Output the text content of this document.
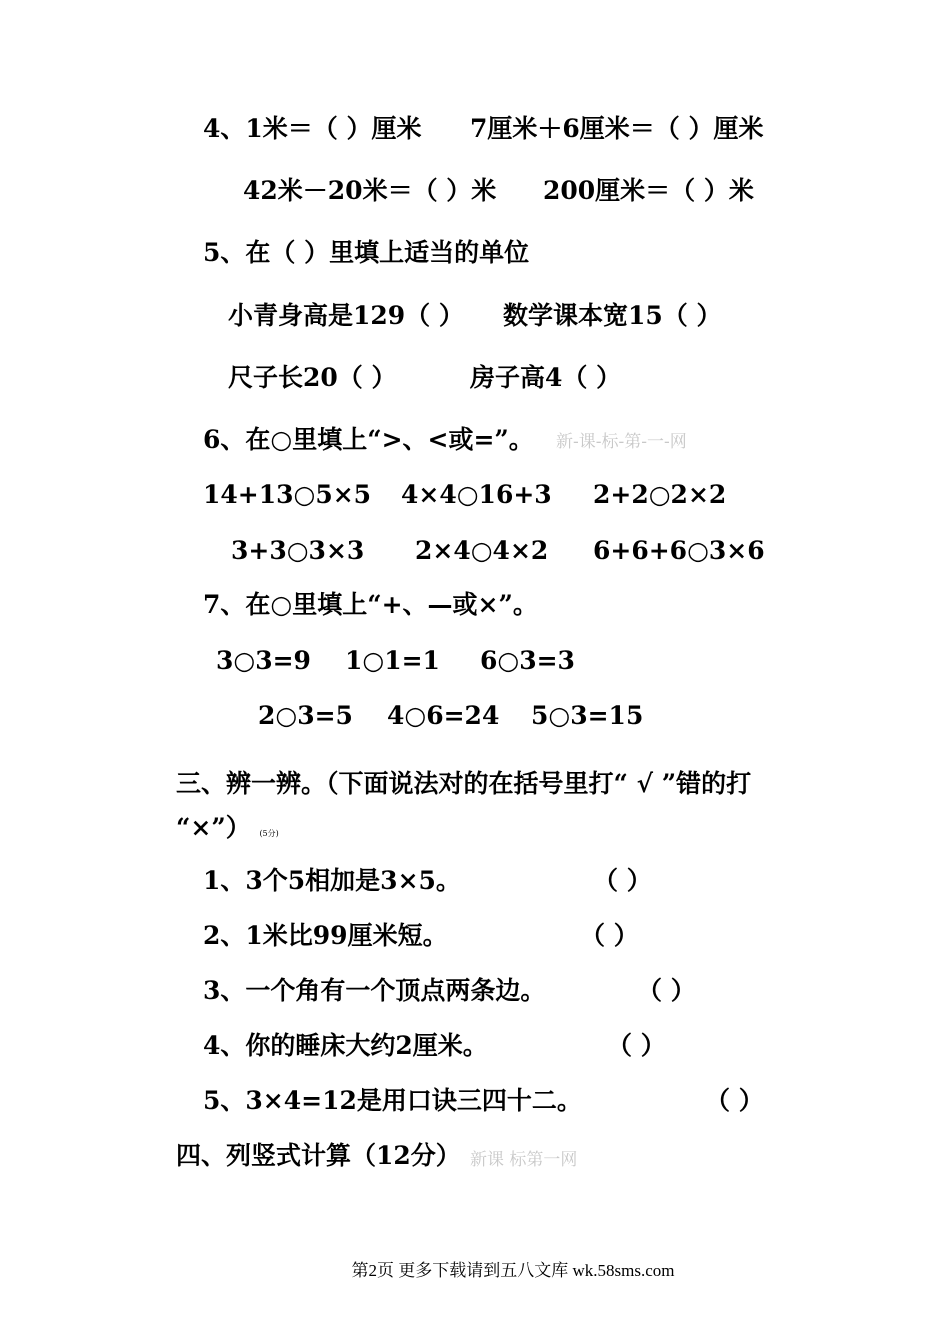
4、1米＝（ ）厘米 7厘米＋6厘米＝（ ）厘米
42米－20米＝（ ）米 200厘米＝（ ）米
5、在（ ）里填上适当的单位
小青身高是129（ ） 数学课本宽15（ ）
尺子长20（ ）	房子高4（ ）
6、在○里填上“>、<或=”。 新-课-标-第-一-网
14+13○5×5 4×4○16+3 2+2○2×2
3+3○3×3 2×4○4×2 6+6+6○3×6
7、在○里填上“+、—或×”。
3○3=9 1○1=1 6○3=3
2○3=5 4○6=24 5○3=15
三、辨一辨。（下面说法对的在括号里打“ √ ”错的打
“×”） (5分)
1、3个5相加是3×5。	（ ）
2、1米比99厘米短。	（ ）
3、一个角有一个顶点两条边。	（ ）
4、你的睡床大约2厘米。	（ ）
5、3×4=12是用口诀三四十二。	（ ）
四、列竖式计算（12分） 新课 标第一网
第2页 更多下载请到五八文库 wk.58sms.com
